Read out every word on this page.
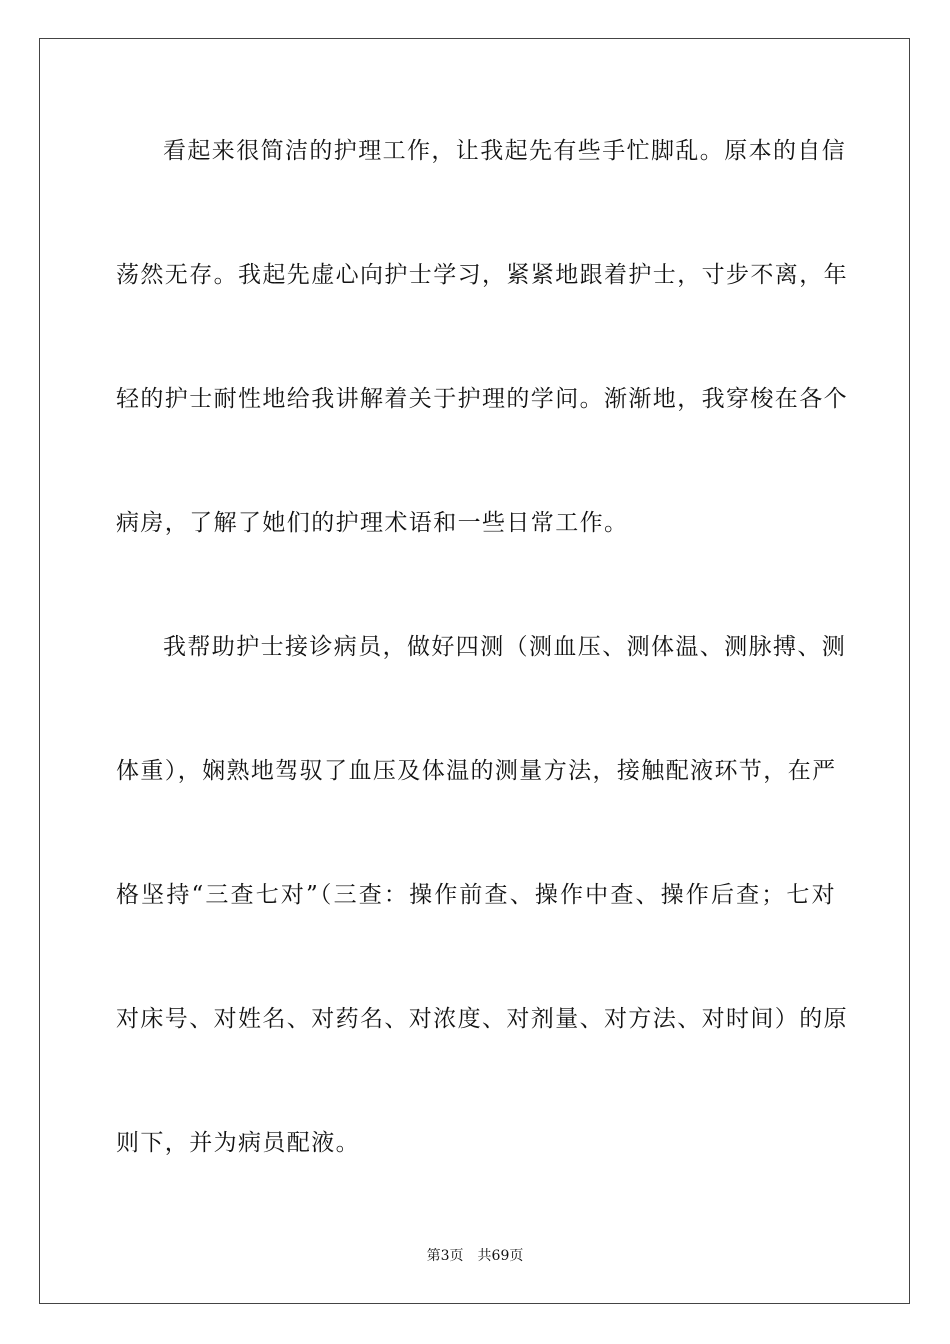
看起来很简洁的护理工作，让我起先有些手忙脚乱。原本的自信
荡然无存。我起先虚心向护士学习，紧紧地跟着护士，寸步不离，年
轻的护士耐性地给我讲解着关于护理的学问。渐渐地，我穿梭在各个
病房，了解了她们的护理术语和一些日常工作。
我帮助护士接诊病员，做好四测（测血压、测体温、测脉搏、测
体重），娴熟地驾驭了血压及体温的测量方法，接触配液环节，在严
格坚持“三查七对”（三查：操作前查、操作中查、操作后查；七对
对床号、对姓名、对药名、对浓度、对剂量、对方法、对时间）的原
则下，并为病员配液。
第3页 共69页
